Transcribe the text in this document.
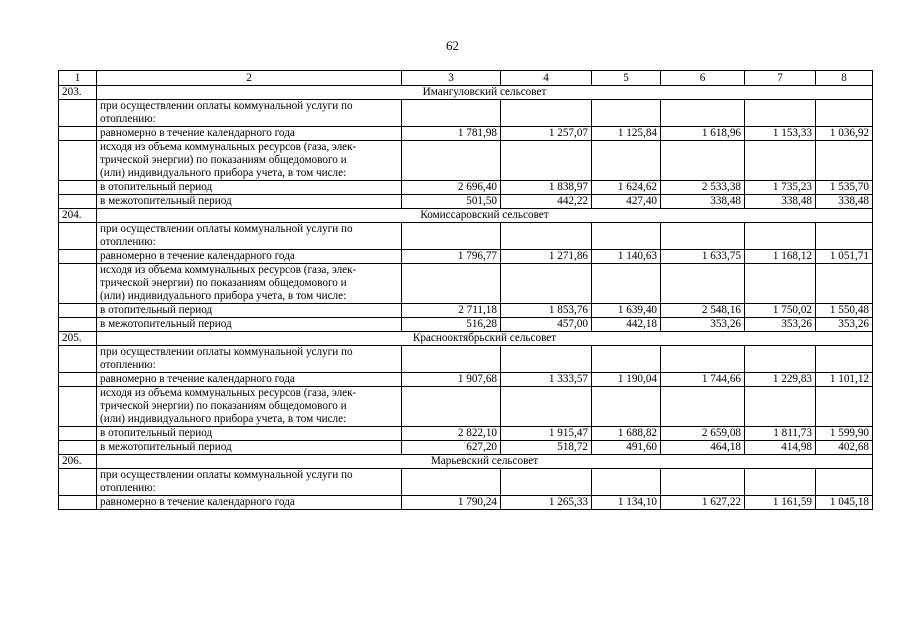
62
1	2	3	4	5	6	7	8
203.	Имангуловский сельсовет						
	при осуществлении оплаты коммунальной услуги по отоплению:						
	равномерно в течение календарного года	1 781,98	1 257,07	1 125,84	1 618,96	1 153,33	1 036,92

	исходя из объема коммунальных ресурсов (газа, элек-
трической энергии) по показаниям общедомового и
(или) индивидуального прибора учета, в том числе:						

	в отопительный период	2 696,40	1 838,97	1 624,62	2 533,38	1 735,23	1 535,70
	в межотопительный период	501,50	442,22	427,40	338,48	338,48	338,48
204.	Комиссаровский сельсовет						
	при осуществлении оплаты коммунальной услуги по отоплению:						
	равномерно в течение календарного года	1 796,77	1 271,86	1 140,63	1 633,75	1 168,12	1 051,71

	исходя из объема коммунальных ресурсов (газа, элек-
трической энергии) по показаниям общедомового и
(или) индивидуального прибора учета, в том числе:						

	в отопительный период	2 711,18	1 853,76	1 639,40	2 548,16	1 750,02	1 550,48
	в межотопительный период	516,28	457,00	442,18	353,26	353,26	353,26
205.	Краснооктябрьский сельсовет						
	при осуществлении оплаты коммунальной услуги по отоплению:						
	равномерно в течение календарного года	1 907,68	1 333,57	1 190,04	1 744,66	1 229,83	1 101,12

	исходя из объема коммунальных ресурсов (газа, элек-
трической энергии) по показаниям общедомового и
(или) индивидуального прибора учета, в том числе:						

	в отопительный период	2 822,10	1 915,47	1 688,82	2 659,08	1 811,73	1 599,90
	в межотопительный период	627,20	518,72	491,60	464,18	414,98	402,68
206.	Марьевский сельсовет						
	при осуществлении оплаты коммунальной услуги по отоплению:						
	равномерно в течение календарного года	1 790,24	1 265,33	1 134,10	1 627,22	1 161,59	1 045,18
